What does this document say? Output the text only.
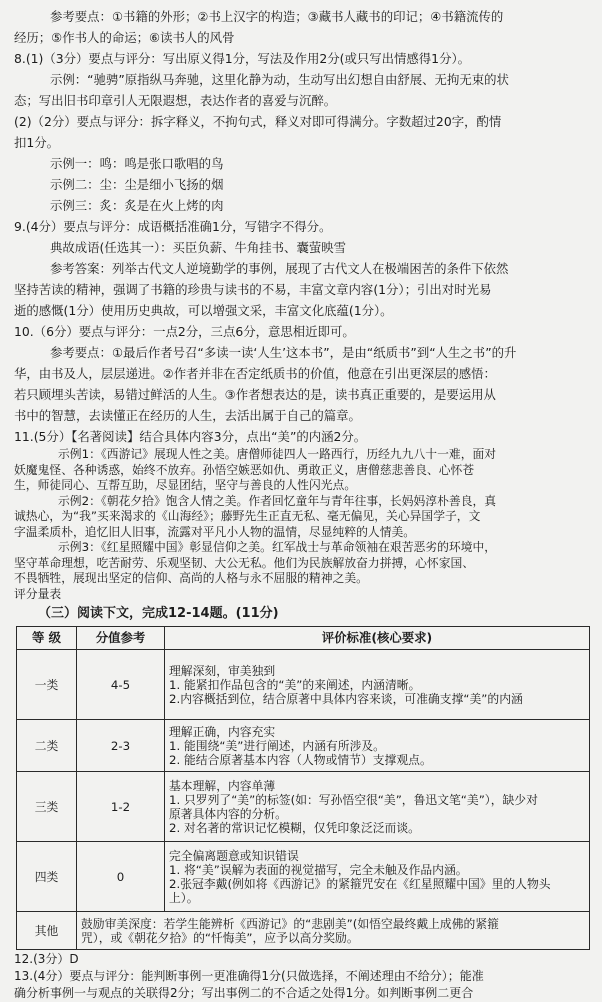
参考要点：①书籍的外形；②书上汉字的构造；③藏书人藏书的印记；④书籍流传的

经历；⑤作书人的命运；⑥读书人的风骨

8.(1)（3分）要点与评分：写出原义得1分，写法及作用2分(或只写出情感得1分）。

示例：“驰骋”原指纵马奔驰，这里化静为动，生动写出幻想自由舒展、无拘无束的状

态；写出旧书印章引人无限遐想，表达作者的喜爱与沉醉。

(2)（2分）要点与评分：拆字释义，不拘句式，释义对即可得满分。字数超过20字，酌情

扣1分。

示例一：鸣：鸣是张口歌唱的鸟

示例二：尘：尘是细小飞扬的烟

示例三：炙：炙是在火上烤的肉

9.(4分）要点与评分：成语概括准确1分，写错字不得分。

典故成语(任选其一）：买臣负薪、牛角挂书、囊萤映雪

参考答案：列举古代文人逆境勤学的事例，展现了古代文人在极端困苦的条件下依然

坚持苦读的精神，强调了书籍的珍贵与读书的不易，丰富文章内容(1分）；引出对时光易

逝的感慨(1分）使用历史典故，可以增强文采，丰富文化底蕴(1分）。

10.（6分）要点与评分：一点2分，三点6分，意思相近即可。

参考要点：①最后作者号召“多读一读‘人生’这本书”，是由“纸质书”到“人生之书”的升

华，由书及人，层层递进。②作者并非在否定纸质书的价值，他意在引出更深层的感悟：

若只顾埋头苦读，易错过鲜活的人生。③作者想表达的是，读书真正重要的，是要运用从

书中的智慧，去读懂正在经历的人生，去活出属于自己的篇章。

11.(5分）【名著阅读】结合具体内容3分，点出“美”的内涵2分。

示例1：《西游记》展现人性之美。唐僧师徒四人一路西行，历经九九八十一难，面对

妖魔鬼怪、各种诱惑，始终不放弃。孙悟空嫉恶如仇、勇敢正义，唐僧慈悲善良、心怀苍

生，师徒同心、互帮互助，尽显团结，坚守与善良的人性闪光点。

示例2：《朝花夕拾》饱含人情之美。作者回忆童年与青年往事，长妈妈淳朴善良，真

诚热心，为“我”买来渴求的《山海经》；藤野先生正直无私、毫无偏见，关心异国学子，文

字温柔质朴，追忆旧人旧事，流露对平凡小人物的温情，尽显纯粹的人情美。

示例3：《红星照耀中国》彰显信仰之美。红军战士与革命领袖在艰苦恶劣的环境中，

坚守革命理想，吃苦耐劳、乐观坚韧、大公无私。他们为民族解放奋力拼搏，心怀家国、

不畏牺牲，展现出坚定的信仰、高尚的人格与永不屈服的精神之美。

评分量表

（三）阅读下文，完成12-14题。(11分)

等 级	分值参考	评价标准(核心要求)
一类	4-5	理解深刻，审美独到
1. 能紧扣作品包含的“美”的来阐述，内涵清晰。
2.内容概括到位，结合原著中具体内容来谈，可准确支撑“美”的内涵

二类	2-3	理解正确，内容充实
1. 能围绕“美”进行阐述，内涵有所涉及。
2. 能结合原著基本内容（人物或情节）支撑观点。

三类	1-2	基本理解，内容单薄
1. 只罗列了“美”的标签(如：写孙悟空很“美”，鲁迅文笔“美”），缺少对
原著具体内容的分析。
2. 对名著的常识记忆模糊，仅凭印象泛泛而谈。

四类	0	完全偏离题意或知识错误
1. 将“美”误解为表面的视觉描写，完全未触及作品内涵。
2.张冠李戴(例如将《西游记》的紧箍咒安在《红星照耀中国》里的人物头
上）。

其他	鼓励审美深度：若学生能辨析《西游记》的“悲剧美”(如悟空最终戴上成佛的紧箍
咒），或《朝花夕拾》的“忏悔美”，应予以高分奖励。	

12.(3分）D

13.(4分）要点与评分：能判断事例一更准确得1分(只做选择，不阐述理由不给分）；能准

确分析事例一与观点的关联得2分；写出事例二的不合适之处得1分。如判断事例二更合
